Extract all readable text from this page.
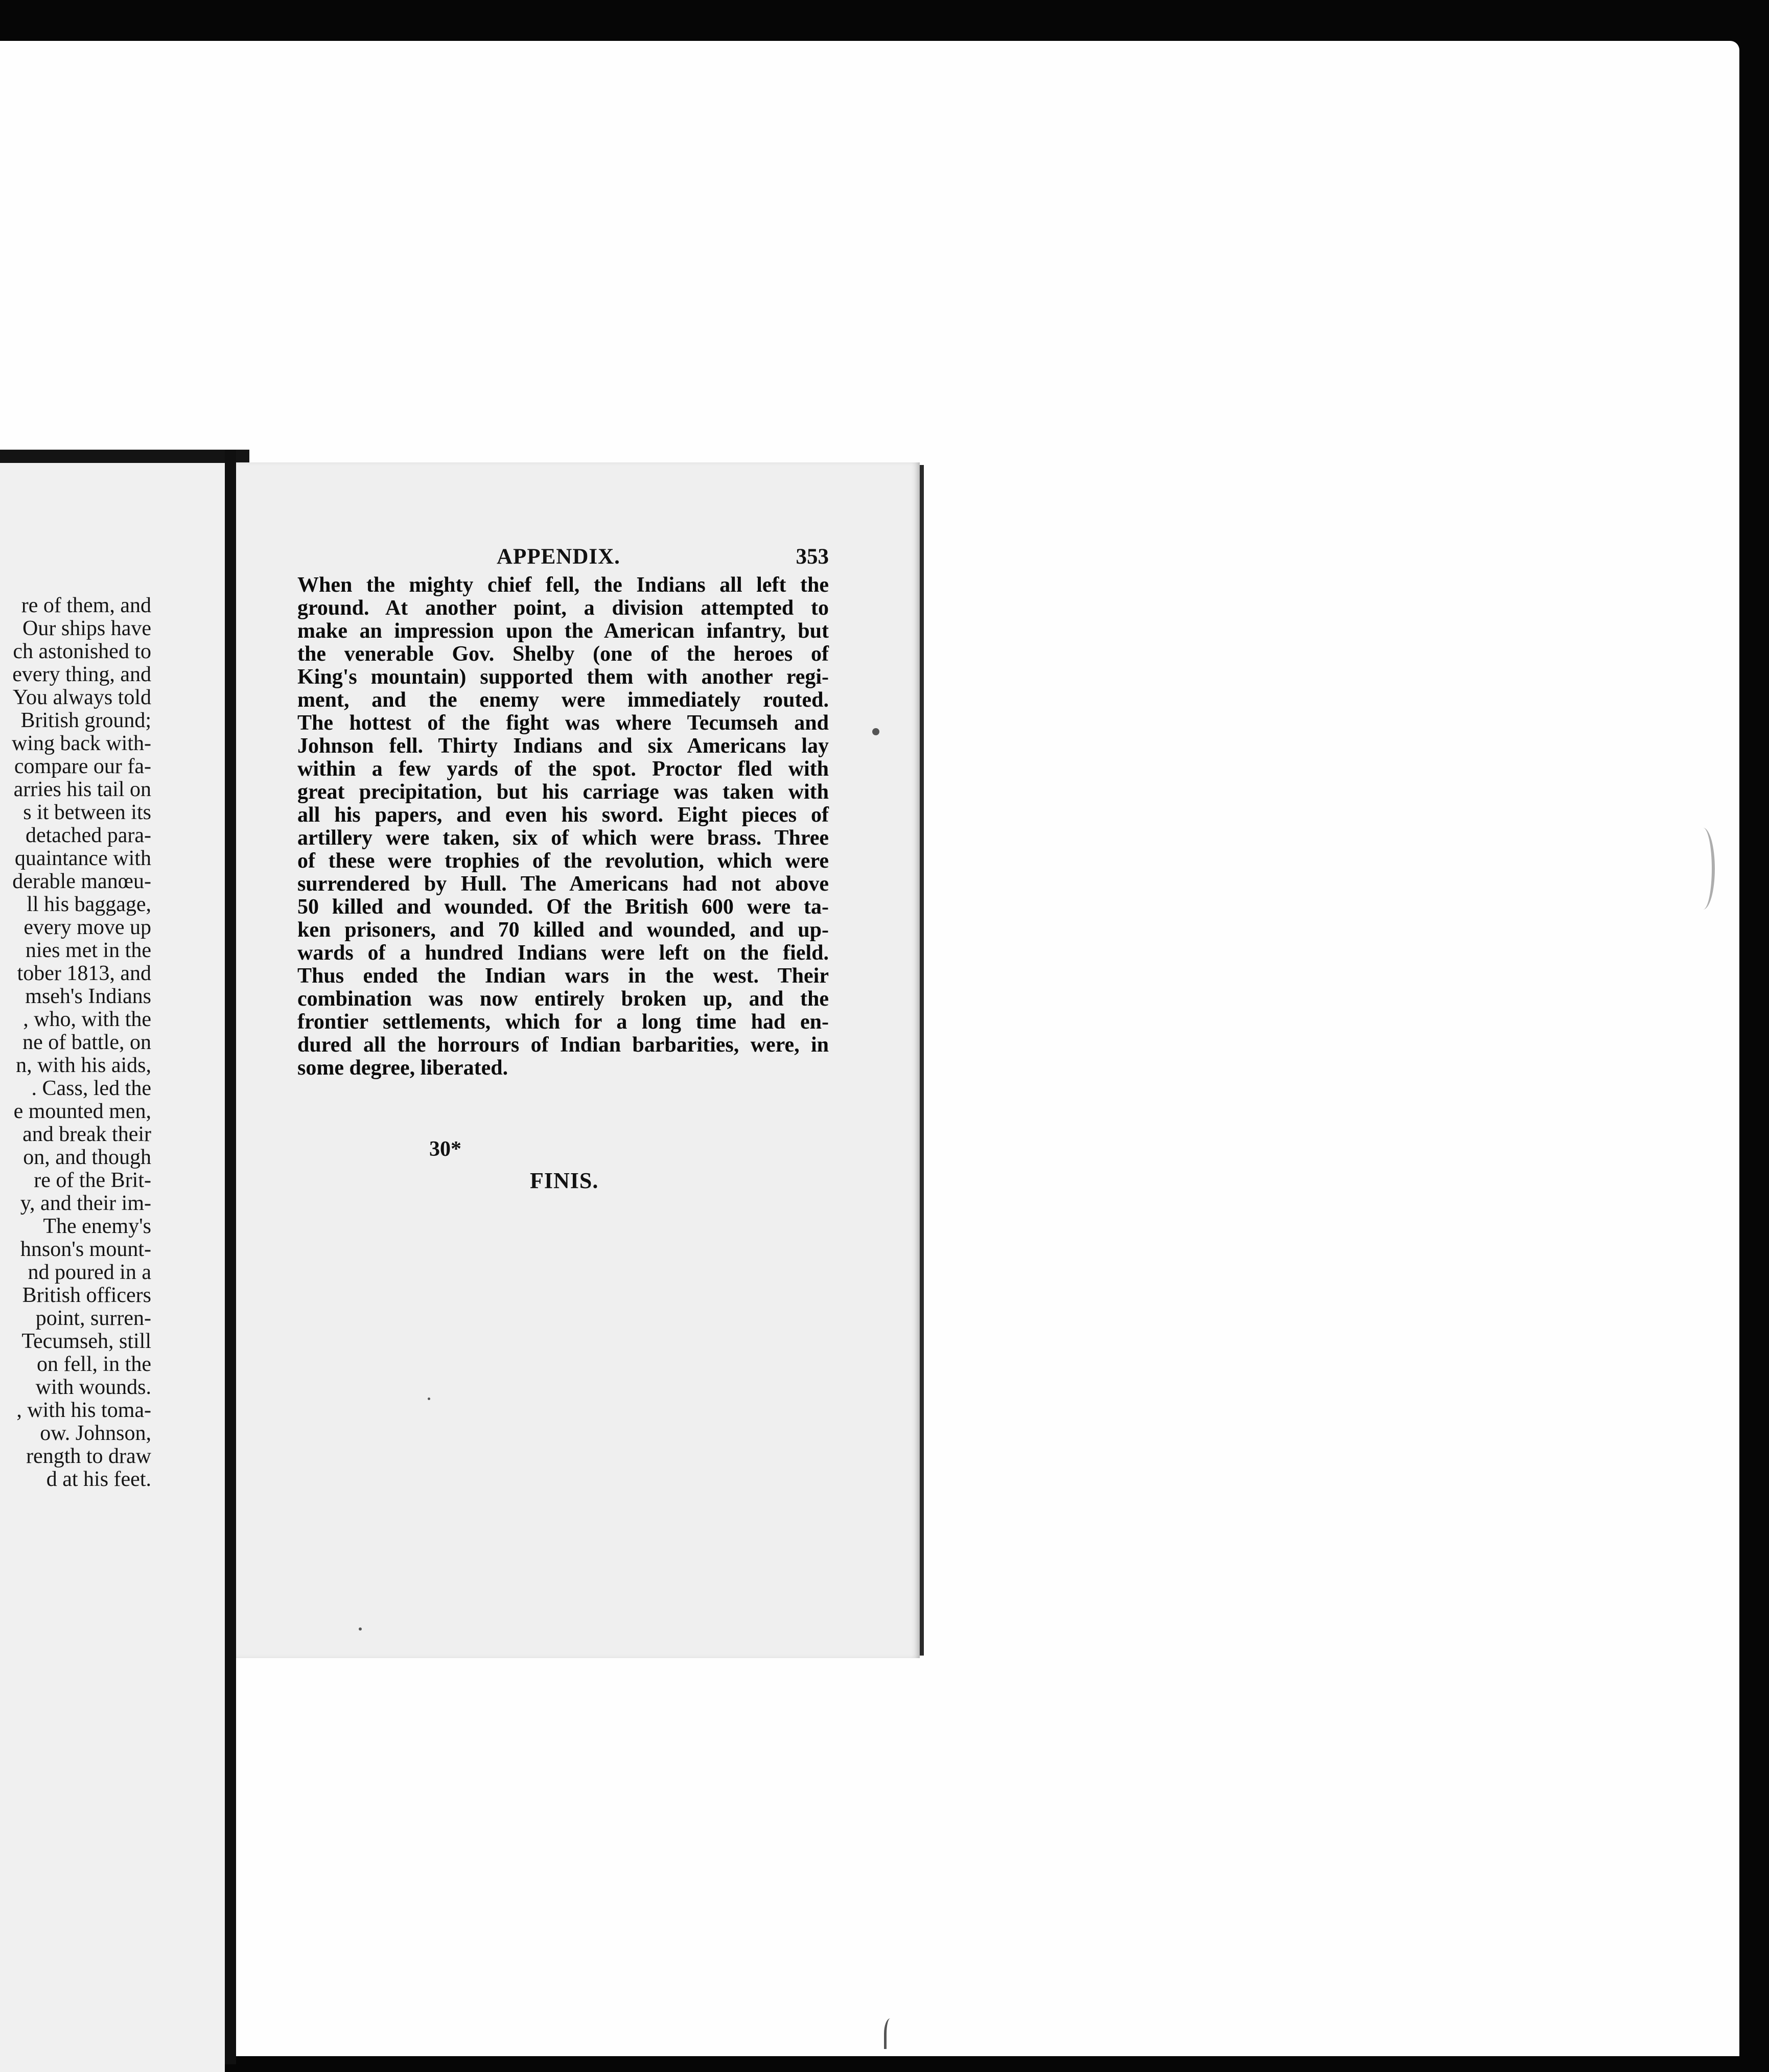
re of them, and
Our ships have
ch astonished to
every thing, and
You always told
British ground;
wing back with-
compare our fa-
arries his tail on
s it between its
detached para-
quaintance with
derable manœu-
ll his baggage,
every move up
nies met in the
tober 1813, and
mseh's Indians
, who, with the
ne of battle, on
n, with his aids,
. Cass, led the
e mounted men,
and break their
on, and though
re of the Brit-
y, and their im-
The enemy's
hnson's mount-
nd poured in a
British officers
point, surren-
Tecumseh, still
on fell, in the
with wounds.
, with his toma-
ow. Johnson,
rength to draw
d at his feet.
APPENDIX.	353
When the mighty chief fell, the Indians all left the
ground. At another point, a division attempted to
make an impression upon the American infantry, but
the venerable Gov. Shelby (one of the heroes of
King's mountain) supported them with another regi-
ment, and the enemy were immediately routed.
The hottest of the fight was where Tecumseh and
Johnson fell. Thirty Indians and six Americans lay
within a few yards of the spot. Proctor fled with
great precipitation, but his carriage was taken with
all his papers, and even his sword. Eight pieces of
artillery were taken, six of which were brass. Three
of these were trophies of the revolution, which were
surrendered by Hull. The Americans had not above
50 killed and wounded. Of the British 600 were ta-
ken prisoners, and 70 killed and wounded, and up-
wards of a hundred Indians were left on the field.
Thus ended the Indian wars in the west. Their
combination was now entirely broken up, and the
frontier settlements, which for a long time had en-
dured all the horrours of Indian barbarities, were, in
some degree, liberated.
30*
FINIS.
